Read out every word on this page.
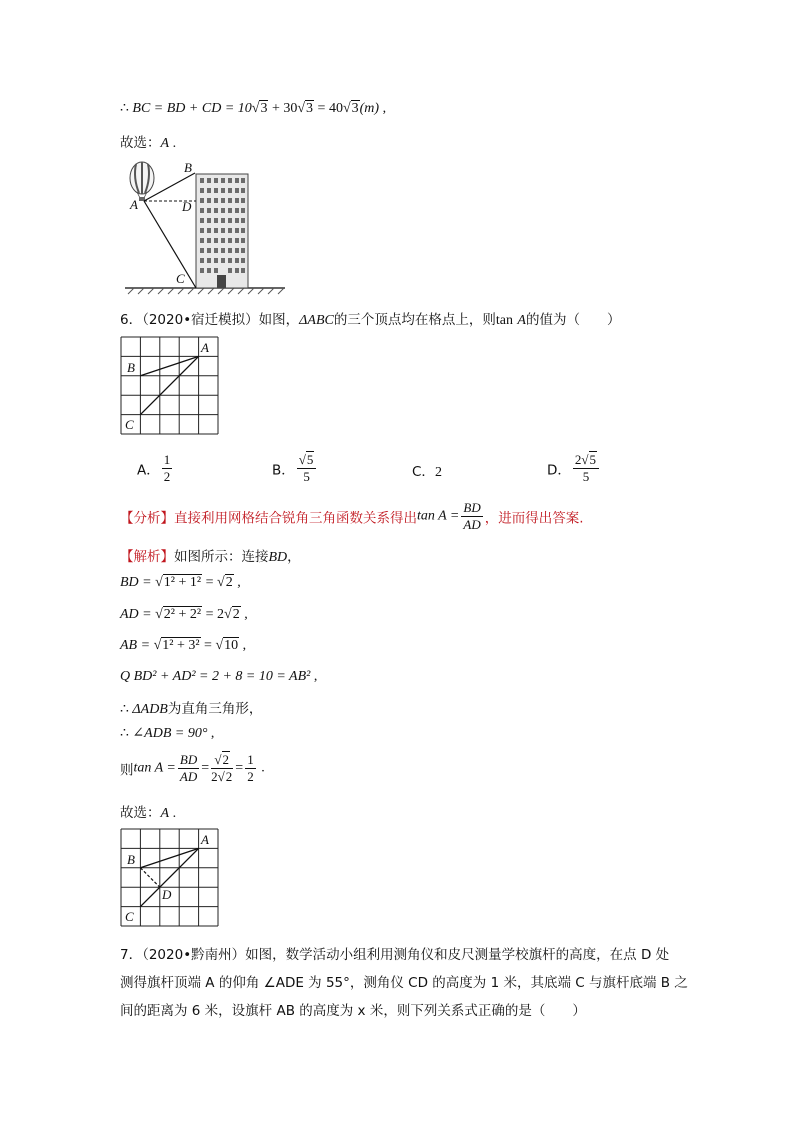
∴ BC = BD + CD = 10√3 + 30√3 = 40√3(m) ,
故选：A .
A
B
D
C
6．（2020•宿迁模拟）如图，ΔABC的三个顶点均在格点上，则tan A的值为（　　）
A
B
C
A． $\frac{1}{2}$	B． $\frac{√5}{5}$	C．2	D． $\frac{2√5}{5}$
【分析】直接利用网格结合锐角三角函数关系得出$\tan A = \frac{BD}{AD}$ ，进而得出答案.
【解析】如图所示：连接BD，
BD = √1² + 1² = √2 ,
AD = √2² + 2² = 2√2 ,
AB = √1² + 3² = √10 ,
Q BD² + AD² = 2 + 8 = 10 = AB² ,
∴ ΔADB为直角三角形，
∴ ∠ADB = 90° ,
则$\tan A = \frac{BD}{AD} = \frac{√2}{2√2} = \frac{1}{2}$ .
故选：A .
A
B
D
C
7．（2020•黔南州）如图，数学活动小组利用测角仪和皮尺测量学校旗杆的高度，在点 D 处
测得旗杆顶端 A 的仰角 ∠ADE 为 55°，测角仪 CD 的高度为 1 米，其底端 C 与旗杆底端 B 之
间的距离为 6 米，设旗杆 AB 的高度为 x 米，则下列关系式正确的是（　　）
